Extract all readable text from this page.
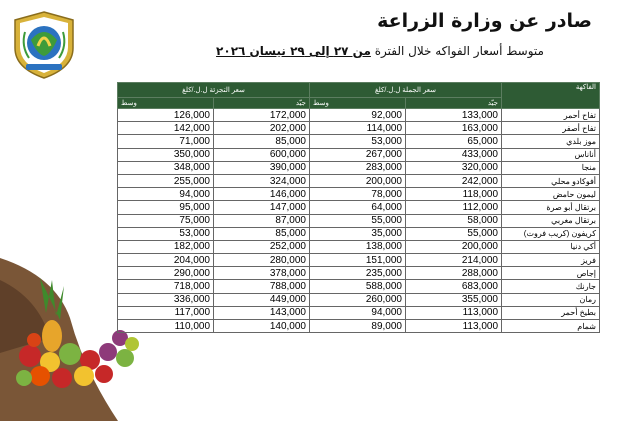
صادر عن وزارة الزراعة
متوسط أسعار الفواكه خلال الفترة من ٢٧ إلى ٢٩ نيسان ٢٠٢٦
سعر التجزئة ل.ل./كلغ		سعر الجملة ل.ل./كلغ		الفاكهة
وسط	جيّد	وسط	جيّد	
126,000	172,000	92,000	133,000	تفاح أحمر
142,000	202,000	114,000	163,000	تفاح أصفر
71,000	85,000	53,000	65,000	موز بلدي
350,000	600,000	267,000	433,000	أناناس
348,000	390,000	283,000	320,000	منجا
255,000	324,000	200,000	242,000	أفوكادو محلي
94,000	146,000	78,000	118,000	ليمون حامض
95,000	147,000	64,000	112,000	برتقال أبو صرة
75,000	87,000	55,000	58,000	برتقال مغربي
53,000	85,000	35,000	55,000	كريفون (كريب فروت)
182,000	252,000	138,000	200,000	أكي دنيا
204,000	280,000	151,000	214,000	فريز
290,000	378,000	235,000	288,000	إجاص
718,000	788,000	588,000	683,000	جارنك
336,000	449,000	260,000	355,000	رمان
117,000	143,000	94,000	113,000	بطيخ أحمر
110,000	140,000	89,000	113,000	شمام
